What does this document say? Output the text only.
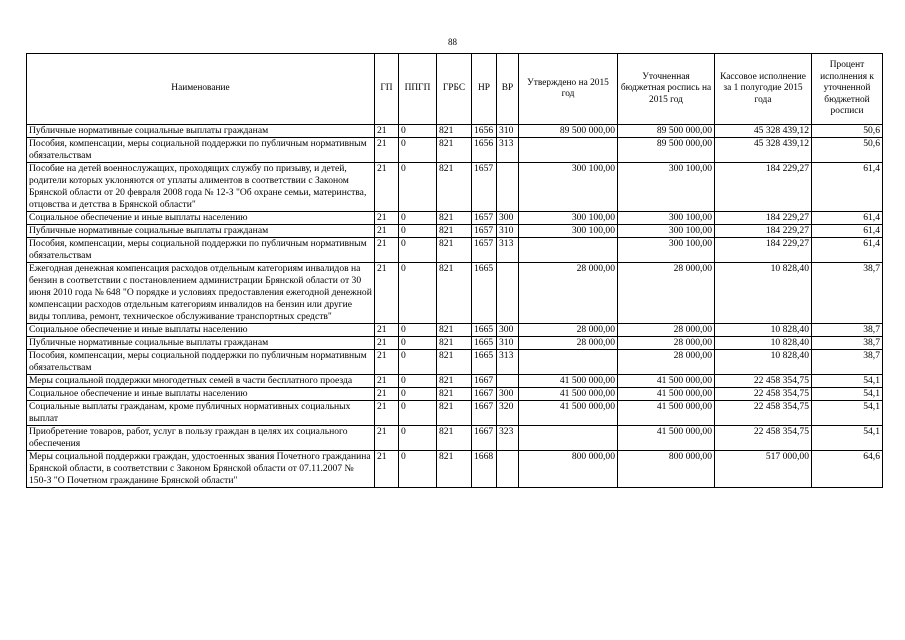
88
Наименование	ГП	ППГП	ГРБС	НР	ВР	Утверждено на 2015 год	Уточненная бюджетная роспись на 2015 год	Кассовое исполнение за 1 полугодие 2015 года	Процент исполнения к уточненной бюджетной росписи
Публичные нормативные социальные выплаты гражданам	21	0	821	1656	310	89 500 000,00	89 500 000,00	45 328 439,12	50,6
Пособия, компенсации, меры социальной поддержки по публичным нормативным обязательствам	21	0	821	1656	313		89 500 000,00	45 328 439,12	50,6
Пособие на детей военнослужащих, проходящих службу по призыву, и детей, родители которых уклоняются от уплаты алиментов в соответствии с Законом Брянской области от 20 февраля 2008 года № 12-З "Об охране семьи, материнства, отцовства и детства в Брянской области"	21	0	821	1657		300 100,00	300 100,00	184 229,27	61,4
Социальное обеспечение и иные выплаты населению	21	0	821	1657	300	300 100,00	300 100,00	184 229,27	61,4
Публичные нормативные социальные выплаты гражданам	21	0	821	1657	310	300 100,00	300 100,00	184 229,27	61,4
Пособия, компенсации, меры социальной поддержки по публичным нормативным обязательствам	21	0	821	1657	313		300 100,00	184 229,27	61,4
Ежегодная денежная компенсация расходов отдельным категориям инвалидов на бензин в соответствии с постановлением администрации Брянской области от 30 июня 2010 года № 648 "О порядке и условиях предоставления ежегодной денежной компенсации расходов отдельным категориям инвалидов на бензин или другие виды топлива, ремонт, техническое обслуживание транспортных средств"	21	0	821	1665		28 000,00	28 000,00	10 828,40	38,7
Социальное обеспечение и иные выплаты населению	21	0	821	1665	300	28 000,00	28 000,00	10 828,40	38,7
Публичные нормативные социальные выплаты гражданам	21	0	821	1665	310	28 000,00	28 000,00	10 828,40	38,7
Пособия, компенсации, меры социальной поддержки по публичным нормативным обязательствам	21	0	821	1665	313		28 000,00	10 828,40	38,7
Меры социальной поддержки многодетных семей в части бесплатного проезда	21	0	821	1667		41 500 000,00	41 500 000,00	22 458 354,75	54,1
Социальное обеспечение и иные выплаты населению	21	0	821	1667	300	41 500 000,00	41 500 000,00	22 458 354,75	54,1
Социальные выплаты гражданам, кроме публичных нормативных социальных выплат	21	0	821	1667	320	41 500 000,00	41 500 000,00	22 458 354,75	54,1
Приобретение товаров, работ, услуг в пользу граждан в целях их социального обеспечения	21	0	821	1667	323		41 500 000,00	22 458 354,75	54,1
Меры социальной поддержки граждан, удостоенных звания Почетного гражданина Брянской области, в соответствии с Законом Брянской области от 07.11.2007 № 150-З "О Почетном гражданине Брянской области"	21	0	821	1668		800 000,00	800 000,00	517 000,00	64,6
